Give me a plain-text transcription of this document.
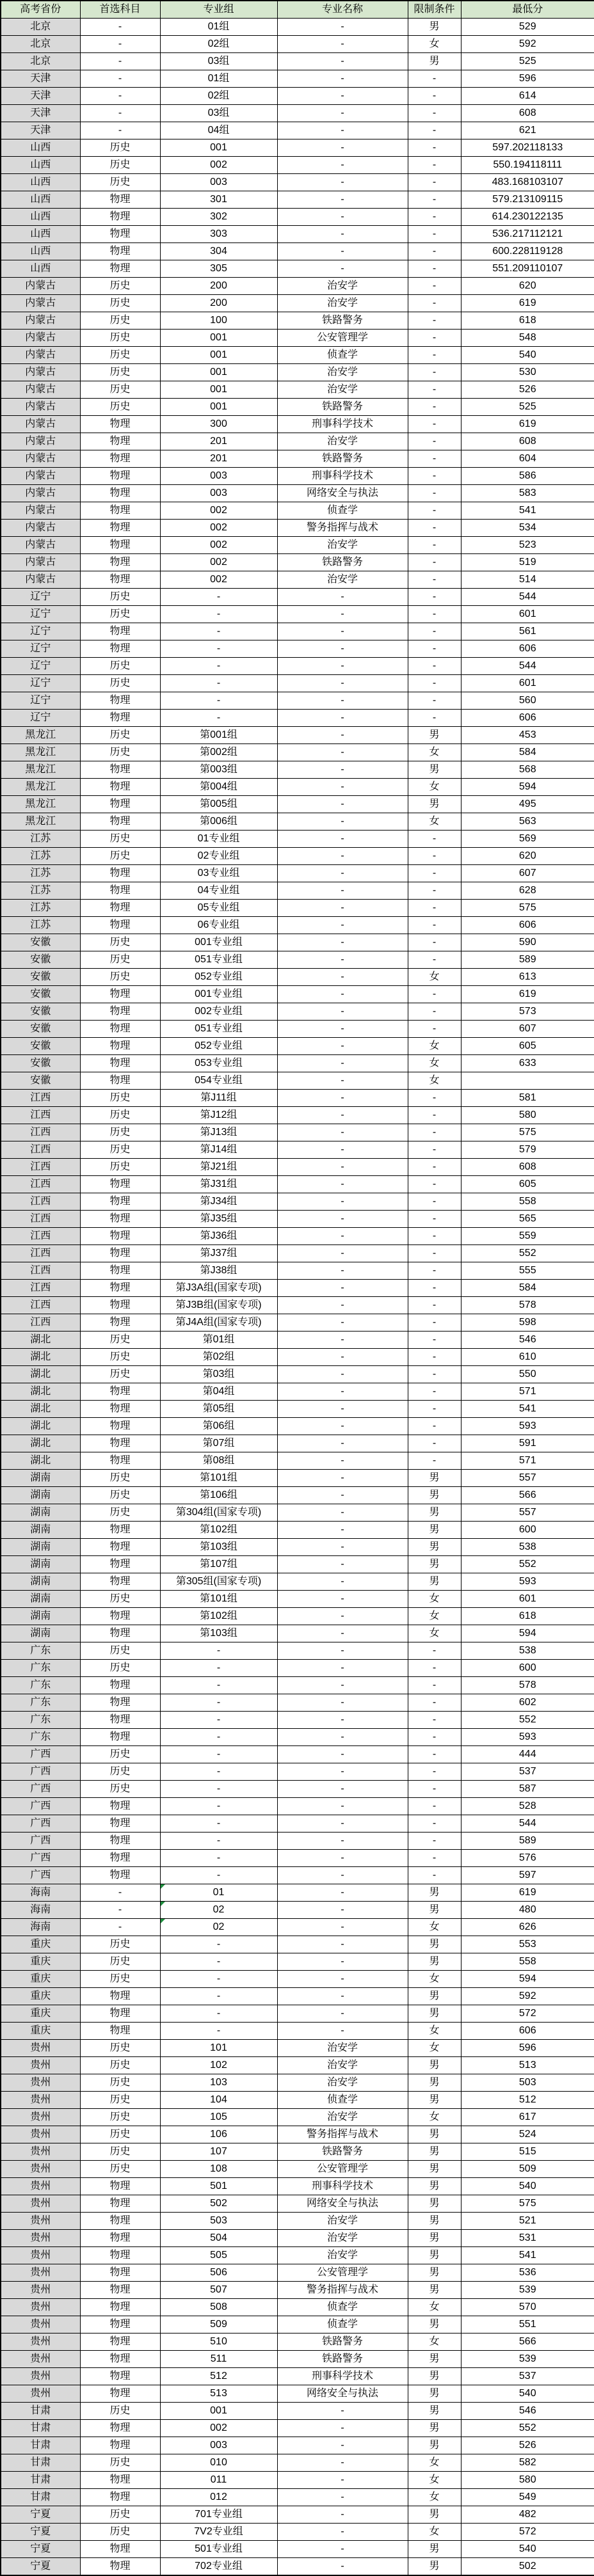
高考省份	首选科目	专业组	专业名称	限制条件	最低分
北京	-	01组	-	男	529
北京	-	02组	-	女	592
北京	-	03组	-	男	525
天津	-	01组	-	-	596
天津	-	02组	-	-	614
天津	-	03组	-	-	608
天津	-	04组	-	-	621
山西	历史	001	-	-	597.202118133
山西	历史	002	-	-	550.194118111
山西	历史	003	-	-	483.168103107
山西	物理	301	-	-	579.213109115
山西	物理	302	-	-	614.230122135
山西	物理	303	-	-	536.217112121
山西	物理	304	-	-	600.228119128
山西	物理	305	-	-	551.209110107
内蒙古	历史	200	治安学	-	620
内蒙古	历史	200	治安学	-	619
内蒙古	历史	100	铁路警务	-	618
内蒙古	历史	001	公安管理学	-	548
内蒙古	历史	001	侦查学	-	540
内蒙古	历史	001	治安学	-	530
内蒙古	历史	001	治安学	-	526
内蒙古	历史	001	铁路警务	-	525
内蒙古	物理	300	刑事科学技术	-	619
内蒙古	物理	201	治安学	-	608
内蒙古	物理	201	铁路警务	-	604
内蒙古	物理	003	刑事科学技术	-	586
内蒙古	物理	003	网络安全与执法	-	583
内蒙古	物理	002	侦查学	-	541
内蒙古	物理	002	警务指挥与战术	-	534
内蒙古	物理	002	治安学	-	523
内蒙古	物理	002	铁路警务	-	519
内蒙古	物理	002	治安学	-	514
辽宁	历史	-	-	-	544
辽宁	历史	-	-	-	601
辽宁	物理	-	-	-	561
辽宁	物理	-	-	-	606
辽宁	历史	-	-	-	544
辽宁	历史	-	-	-	601
辽宁	物理	-	-	-	560
辽宁	物理	-	-	-	606
黑龙江	历史	第001组	-	男	453
黑龙江	历史	第002组	-	女	584
黑龙江	物理	第003组	-	男	568
黑龙江	物理	第004组	-	女	594
黑龙江	物理	第005组	-	男	495
黑龙江	物理	第006组	-	女	563
江苏	历史	01专业组	-	-	569
江苏	历史	02专业组	-	-	620
江苏	物理	03专业组	-	-	607
江苏	物理	04专业组	-	-	628
江苏	物理	05专业组	-	-	575
江苏	物理	06专业组	-	-	606
安徽	历史	001专业组	-	-	590
安徽	历史	051专业组	-	-	589
安徽	历史	052专业组	-	女	613
安徽	物理	001专业组	-	-	619
安徽	物理	002专业组	-	-	573
安徽	物理	051专业组	-	-	607
安徽	物理	052专业组	-	女	605
安徽	物理	053专业组	-	女	633
安徽	物理	054专业组	-	女	
江西	历史	第J11组	-	-	581
江西	历史	第J12组	-	-	580
江西	历史	第J13组	-	-	575
江西	历史	第J14组	-	-	579
江西	历史	第J21组	-	-	608
江西	物理	第J31组	-	-	605
江西	物理	第J34组	-	-	558
江西	物理	第J35组	-	-	565
江西	物理	第J36组	-	-	559
江西	物理	第J37组	-	-	552
江西	物理	第J38组	-	-	555
江西	物理	第J3A组(国家专项)	-	-	584
江西	物理	第J3B组(国家专项)	-	-	578
江西	物理	第J4A组(国家专项)	-	-	598
湖北	历史	第01组	-	-	546
湖北	历史	第02组	-	-	610
湖北	历史	第03组	-	-	550
湖北	物理	第04组	-	-	571
湖北	物理	第05组	-	-	541
湖北	物理	第06组	-	-	593
湖北	物理	第07组	-	-	591
湖北	物理	第08组	-	-	571
湖南	历史	第101组	-	男	557
湖南	历史	第106组	-	男	566
湖南	历史	第304组(国家专项)	-	男	557
湖南	物理	第102组	-	男	600
湖南	物理	第103组	-	男	538
湖南	物理	第107组	-	男	552
湖南	物理	第305组(国家专项)	-	男	593
湖南	历史	第101组	-	女	601
湖南	物理	第102组	-	女	618
湖南	物理	第103组	-	女	594
广东	历史	-	-	-	538
广东	历史	-	-	-	600
广东	物理	-	-	-	578
广东	物理	-	-	-	602
广东	物理	-	-	-	552
广东	物理	-	-	-	593
广西	历史	-	-	-	444
广西	历史	-	-	-	537
广西	历史	-	-	-	587
广西	物理	-	-	-	528
广西	物理	-	-	-	544
广西	物理	-	-	-	589
广西	物理	-	-	-	576
广西	物理	-	-	-	597
海南	-	01	-	男	619
海南	-	02	-	男	480
海南	-	02	-	女	626
重庆	历史	-	-	男	553
重庆	历史	-	-	男	558
重庆	历史	-	-	女	594
重庆	物理	-	-	男	592
重庆	物理	-	-	男	572
重庆	物理	-	-	女	606
贵州	历史	101	治安学	女	596
贵州	历史	102	治安学	男	513
贵州	历史	103	治安学	男	503
贵州	历史	104	侦查学	男	512
贵州	历史	105	治安学	女	617
贵州	历史	106	警务指挥与战术	男	524
贵州	历史	107	铁路警务	男	515
贵州	历史	108	公安管理学	男	509
贵州	物理	501	刑事科学技术	男	540
贵州	物理	502	网络安全与执法	男	575
贵州	物理	503	治安学	男	521
贵州	物理	504	治安学	男	531
贵州	物理	505	治安学	男	541
贵州	物理	506	公安管理学	男	536
贵州	物理	507	警务指挥与战术	男	539
贵州	物理	508	侦查学	女	570
贵州	物理	509	侦查学	男	551
贵州	物理	510	铁路警务	女	566
贵州	物理	511	铁路警务	男	539
贵州	物理	512	刑事科学技术	男	537
贵州	物理	513	网络安全与执法	男	540
甘肃	历史	001	-	男	546
甘肃	物理	002	-	男	552
甘肃	物理	003	-	男	526
甘肃	历史	010	-	女	582
甘肃	物理	011	-	女	580
甘肃	物理	012	-	女	549
宁夏	历史	701专业组	-	男	482
宁夏	历史	7V2专业组	-	女	572
宁夏	物理	501专业组	-	男	540
宁夏	物理	702专业组	-	男	502
